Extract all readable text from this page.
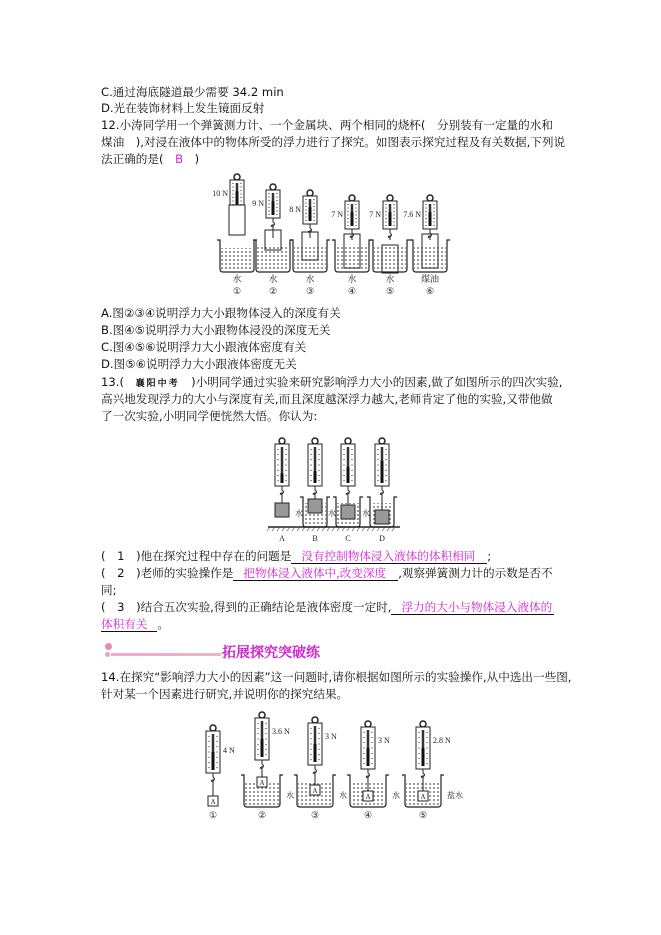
C.通过海底隧道最少需要 34.2 min
D.光在装饰材料上发生镜面反射
12.小涛同学用一个弹簧测力计、一个金属块、两个相同的烧杯(　分别装有一定量的水和
煤油　),对浸在液体中的物体所受的浮力进行了探究。如图表示探究过程及有关数据,下列说
法正确的是(　B　)
10 N
水
①
9 N
水
②
8 N
水
③
7 N
水
④
7 N
水
⑤
7.6 N
煤油
⑥
A.图②③④说明浮力大小跟物体浸入的深度有关
B.图④⑤说明浮力大小跟物体浸没的深度无关
C.图④⑤⑥说明浮力大小跟液体密度有关
D.图⑤⑥说明浮力大小跟液体密度无关
13.(　襄阳中考　)小明同学通过实验来研究影响浮力大小的因素,做了如图所示的四次实验,
高兴地发现浮力的大小与深度有关,而且深度越深浮力越大,老师肯定了他的实验,又带他做
了一次实验,小明同学便恍然大悟。你认为:
A
水
B
水
C
水
D
(　1　)他在探究过程中存在的问题是 没有控制物体浸入液体的体积相同 ;
(　2　)老师的实验操作是 把物体浸入液体中,改变深度 ,观察弹簧测力计的示数是否不
同;
(　3　)结合五次实验,得到的正确结论是液体密度一定时, 浮力的大小与物体浸入液体的
体积有关 。
拓展探究突破练
14.在探究“影响浮力大小的因素”这一问题时,请你根据如图所示的实验操作,从中选出一些图,
针对某一个因素进行研究,并说明你的探究结果。
4 N
A
①
3.6 N
水
A
②
3 N
水
A
③
3 N
水
A
④
2.8 N
盐水
A
⑤
